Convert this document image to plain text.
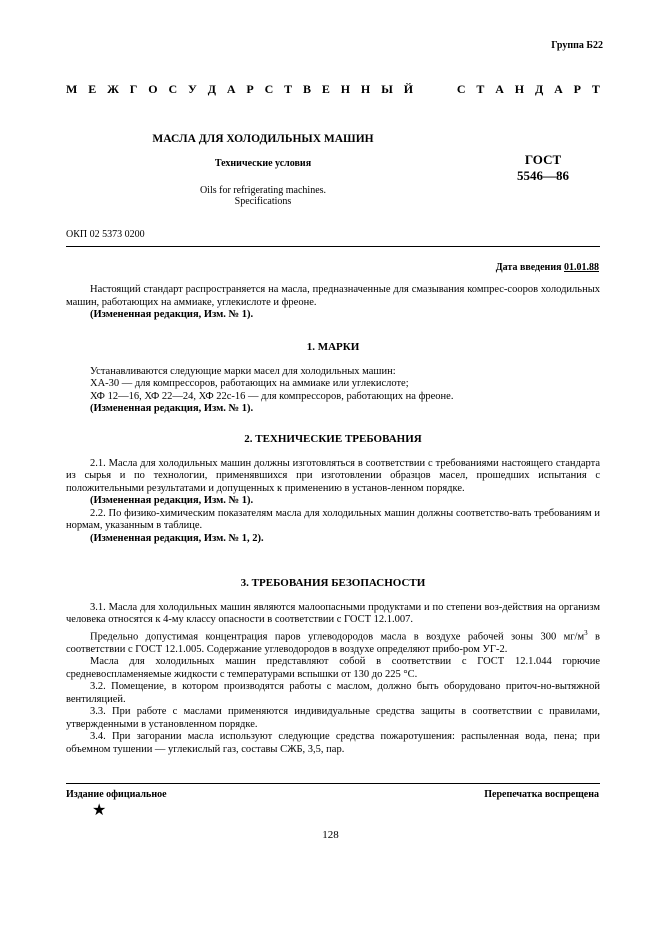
Группа Б22
М Е Ж Г О С У Д А Р С Т В Е Н Н Ы Й	С Т А Н Д А Р Т
МАСЛА ДЛЯ ХОЛОДИЛЬНЫХ МАШИН
Технические условия
Oils for refrigerating machines.
Specifications
ГОСТ
5546—86
ОКП 02 5373 0200
Дата введения 01.01.88

Настоящий стандарт распространяется на масла, предназначенные для смазывания компрес-сооров холодильных машин, работающих на аммиаке, углекислоте и фреоне.

(Измененная редакция, Изм. № 1).

1. МАРКИ

Устанавливаются следующие марки масел для холодильных машин:

ХА-30 — для компрессоров, работающих на аммиаке или углекислоте;

ХФ 12—16, ХФ 22—24, ХФ 22с-16 — для компрессоров, работающих на фреоне.

(Измененная редакция, Изм. № 1).

2. ТЕХНИЧЕСКИЕ ТРЕБОВАНИЯ

2.1. Масла для холодильных машин должны изготовляться в соответствии с требованиями настоящего стандарта из сырья и по технологии, применявшихся при изготовлении образцов масел, прошедших испытания с положительными результатами и допущенных к применению в установ-ленном порядке.

(Измененная редакция, Изм. № 1).

2.2. По физико-химическим показателям масла для холодильных машин должны соответство-вать требованиям и нормам, указанным в таблице.

(Измененная редакция, Изм. № 1, 2).

3. ТРЕБОВАНИЯ БЕЗОПАСНОСТИ

3.1. Масла для холодильных машин являются малоопасными продуктами и по степени воз-действия на организм человека относятся к 4-му классу опасности в соответствии с ГОСТ 12.1.007.

Предельно допустимая концентрация паров углеводородов масла в воздухе рабочей зоны 300 $мг/м^3$ в соответствии с ГОСТ 12.1.005. Содержание углеводородов в воздухе определяют прибо-ром УГ-2.

Масла для холодильных машин представляют собой в соответствии с ГОСТ 12.1.044 горючие средневоспламеняемые жидкости с температурами вспышки от 130 до 225 °С.

3.2. Помещение, в котором производятся работы с маслом, должно быть оборудовано приточ-но-вытяжной вентиляцией.

3.3. При работе с маслами применяются индивидуальные средства защиты в соответствии с правилами, утвержденными в установленном порядке.

3.4. При загорании масла используют следующие средства пожаротушения: распыленная вода, пена; при объемном тушении — углекислый газ, составы СЖБ, 3,5, пар.

Издание официальное	Перепечатка воспрещена
★
128
